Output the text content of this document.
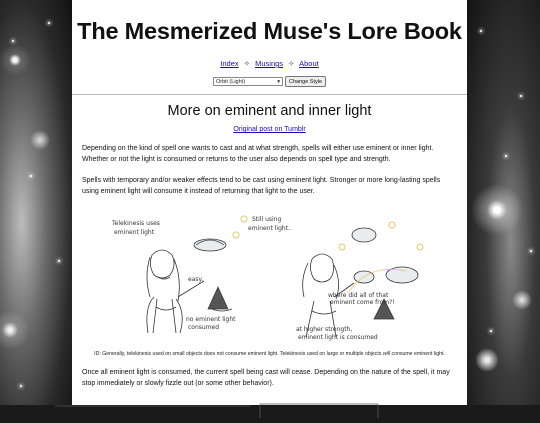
The Mesmerized Muse's Lore Book
Index ✧ Musings ✧ About
Orbit (Light)	▾	Change Style
More on eminent and inner light
Original post on Tumblr

Depending on the kind of spell one wants to cast and at what strength, spells will either use eminent or inner light. Whether or not the light is consumed or returns to the user also depends on spell type and strength.

Spells with temporary and/or weaker effects tend to be cast using eminent light. Stronger or more long-lasting spells using eminent light will consume it instead of returning that light to the user.

Telekinesis uses
eminent light
Still using
eminent light..
easy.
no eminent light
consumed
where did all of that
eminent come from?!
at higher strength,
eminent light is consumed

ID: Generally, telekinesis used on small objects does not consume eminent light. Telekinesis used on large or multiple objects will consume eminent light.

Once all eminent light is consumed, the current spell being cast will cease. Depending on the nature of the spell, it may stop immediately or slowly fizzle out (or some other behavior).
